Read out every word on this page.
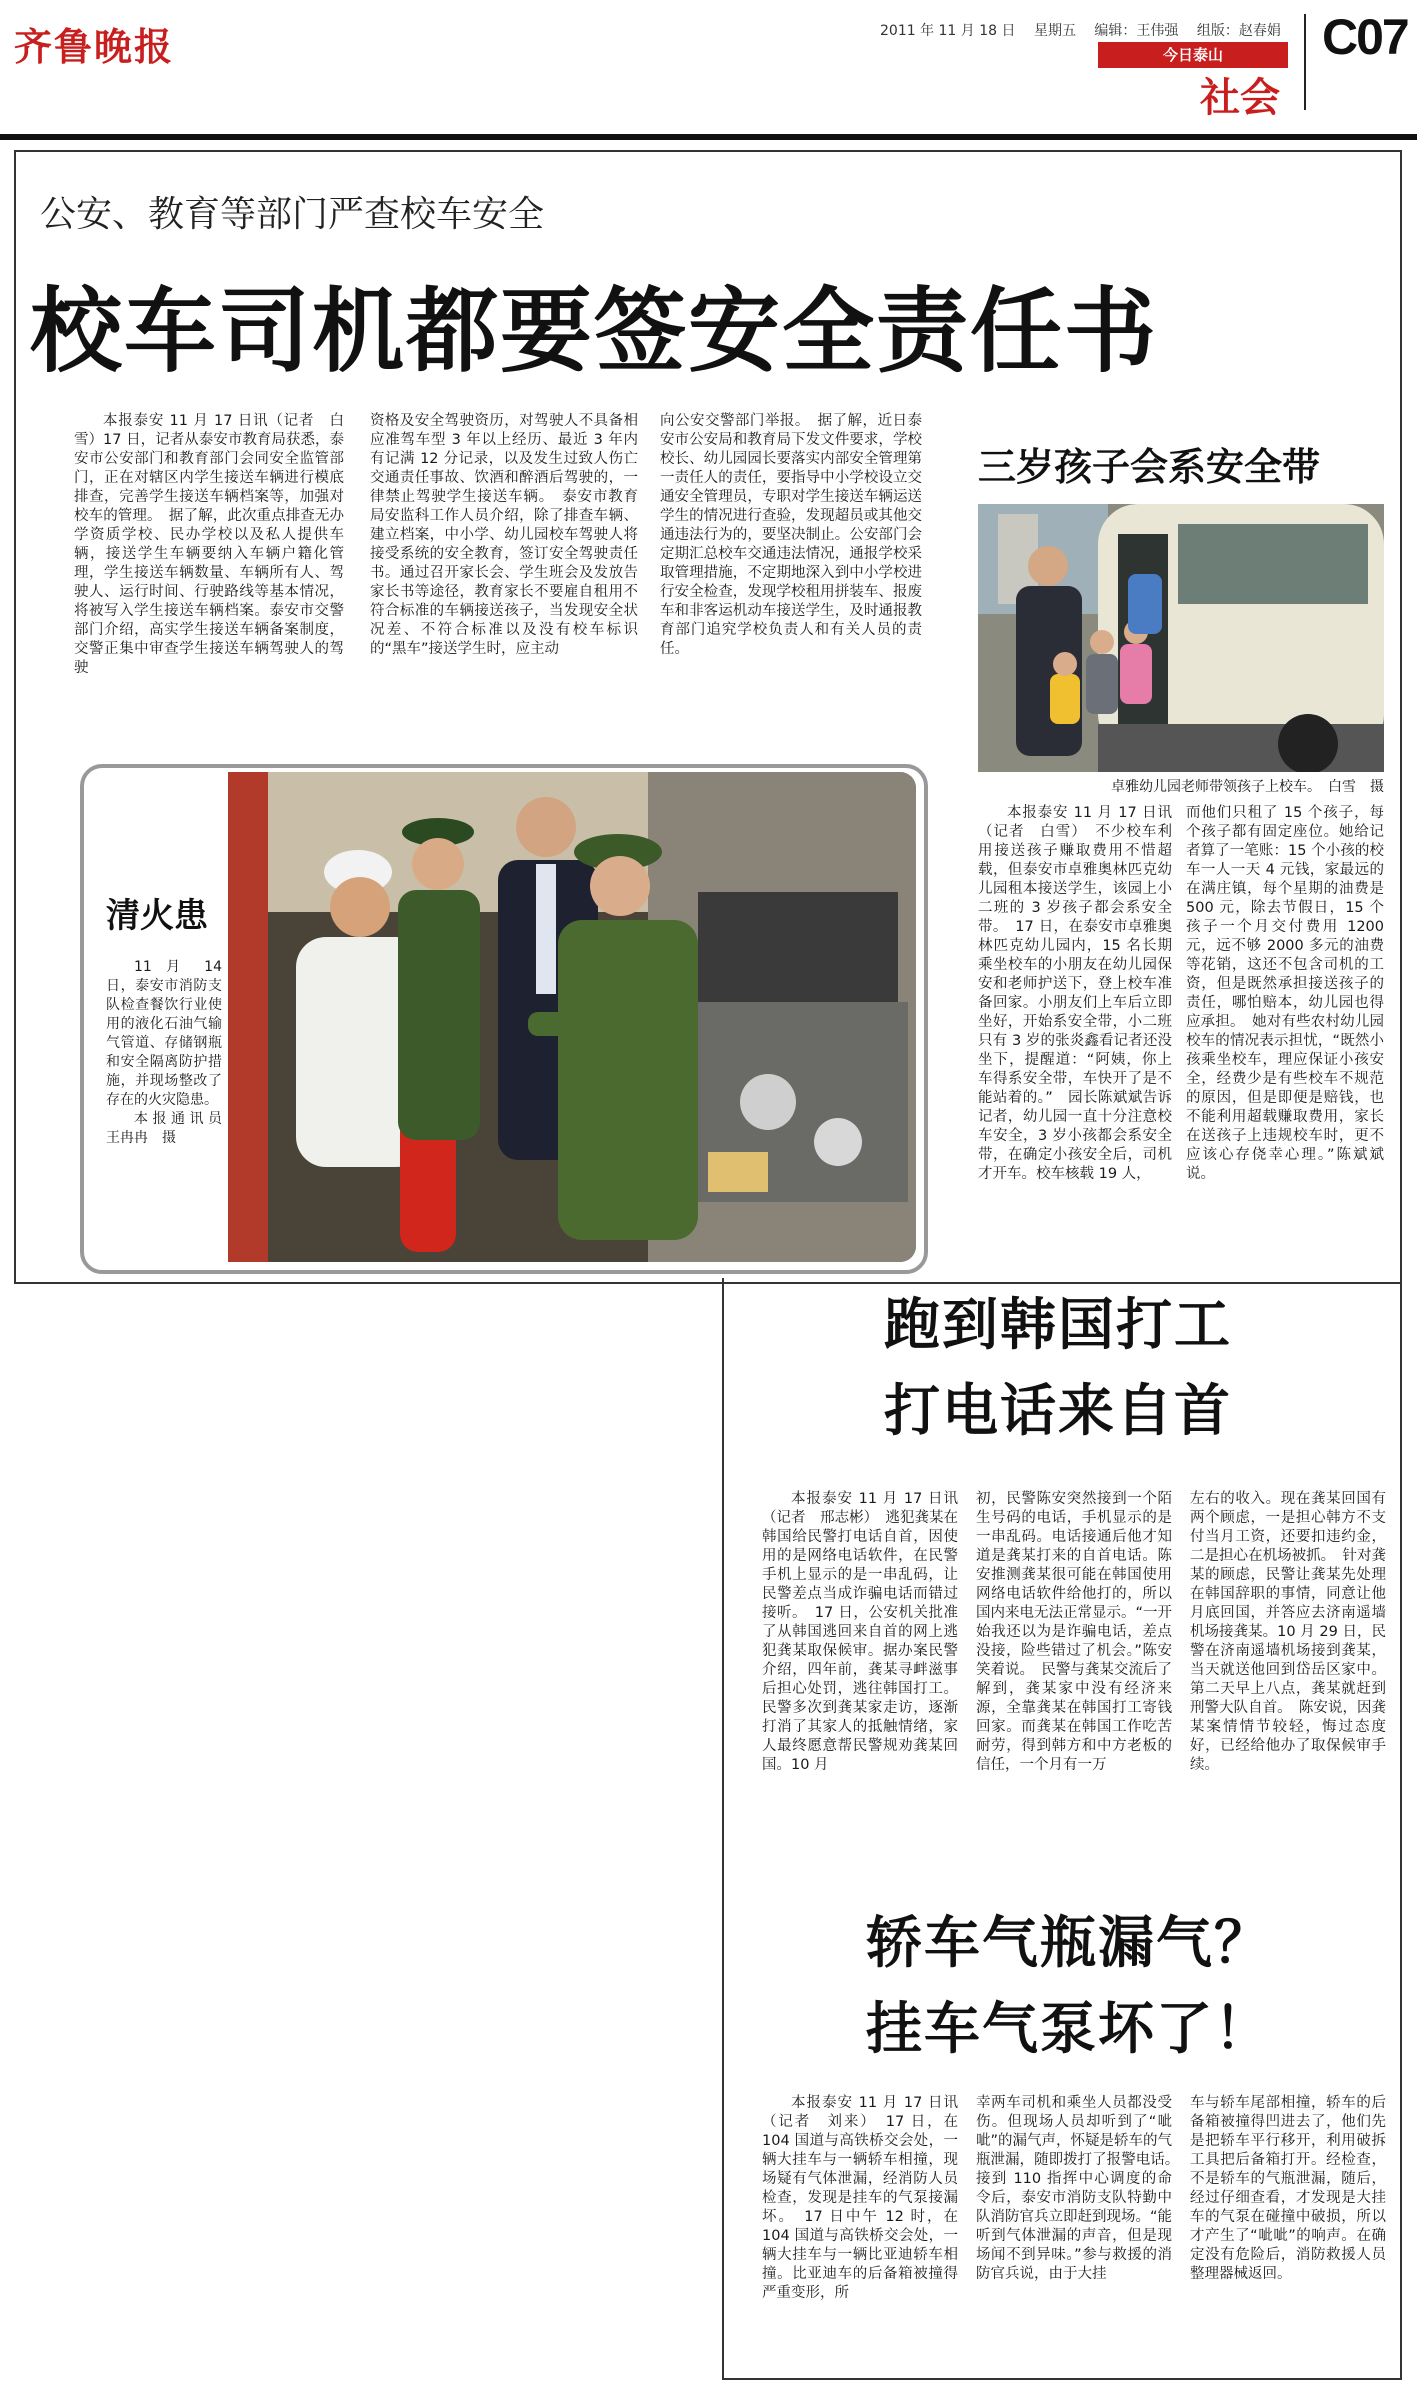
齐鲁晚报	2011 年 11 月 18 日 星期五 编辑：王伟强 组版：赵春娟
今日泰山
社会
C07
公安、教育等部门严查校车安全
校车司机都要签安全责任书

本报泰安 11 月 17 日讯（记者　白雪）17 日，记者从泰安市教育局获悉，泰安市公安部门和教育部门会同安全监管部门，正在对辖区内学生接送车辆进行模底排查，完善学生接送车辆档案等，加强对校车的管理。　据了解，此次重点排查无办学资质学校、民办学校以及私人提供车辆，接送学生车辆要纳入车辆户籍化管理，学生接送车辆数量、车辆所有人、驾驶人、运行时间、行驶路线等基本情况，将被写入学生接送车辆档案。泰安市交警部门介绍，高实学生接送车辆备案制度，交警正集中审查学生接送车辆驾驶人的驾驶

资格及安全驾驶资历，对驾驶人不具备相应准驾车型 3 年以上经历、最近 3 年内有记满 12 分记录，以及发生过致人伤亡交通责任事故、饮酒和醉酒后驾驶的，一律禁止驾驶学生接送车辆。　泰安市教育局安监科工作人员介绍，除了排查车辆、建立档案，中小学、幼儿园校车驾驶人将接受系统的安全教育，签订安全驾驶责任书。通过召开家长会、学生班会及发放告家长书等途径，教育家长不要雇自租用不符合标准的车辆接送孩子，当发现安全状况差、不符合标准以及没有校车标识的“黑车”接送学生时，应主动

向公安交警部门举报。　据了解，近日泰安市公安局和教育局下发文件要求，学校校长、幼儿园园长要落实内部安全管理第一责任人的责任，要指导中小学校设立交通安全管理员，专职对学生接送车辆运送学生的情况进行查验，发现超员或其他交通违法行为的，要坚决制止。公安部门会定期汇总校车交通违法情况，通报学校采取管理措施，不定期地深入到中小学校进行安全检查，发现学校租用拼装车、报废车和非客运机动车接送学生，及时通报教育部门追究学校负责人和有关人员的责任。

清火患

11 月 14 日，泰安市消防支队检查餐饮行业使用的液化石油气输气管道、存储钢瓶和安全隔离防护措施，并现场整改了存在的火灾隐患。

本报通讯员　王冉冉　摄

三岁孩子会系安全带
卓雅幼儿园老师带领孩子上校车。　白雪　摄

本报泰安 11 月 17 日讯（记者　白雪）　不少校车利用接送孩子赚取费用不惜超载，但泰安市卓雅奥林匹克幼儿园租本接送学生，该园上小二班的 3 岁孩子都会系安全带。　17 日，在泰安市卓雅奥林匹克幼儿园内，15 名长期乘坐校车的小朋友在幼儿园保安和老师护送下，登上校车准备回家。小朋友们上车后立即坐好，开始系安全带，小二班只有 3 岁的张炎鑫看记者还没坐下，提醒道：“阿姨，你上车得系安全带，车快开了是不能站着的。”　园长陈斌斌告诉记者，幼儿园一直十分注意校车安全，3 岁小孩都会系安全带，在确定小孩安全后，司机才开车。校车核载 19 人，

而他们只租了 15 个孩子，每个孩子都有固定座位。她给记者算了一笔账：15 个小孩的校车一人一天 4 元钱，家最远的在满庄镇，每个星期的油费是 500 元，除去节假日，15 个孩子一个月交付费用 1200 元，远不够 2000 多元的油费等花销，这还不包含司机的工资，但是既然承担接送孩子的责任，哪怕赔本，幼儿园也得应承担。　她对有些农村幼儿园校车的情况表示担忧，“既然小孩乘坐校车，理应保证小孩安全，经费少是有些校车不规范的原因，但是即便是赔钱，也不能利用超载赚取费用，家长在送孩子上违规校车时，更不应该心存侥幸心理。”陈斌斌说。

跑到韩国打工
打电话来自首

本报泰安 11 月 17 日讯（记者　邢志彬）　逃犯龚某在韩国给民警打电话自首，因使用的是网络电话软件，在民警手机上显示的是一串乱码，让民警差点当成诈骗电话而错过接听。　17 日，公安机关批准了从韩国逃回来自首的网上逃犯龚某取保候审。据办案民警介绍，四年前，龚某寻衅滋事后担心处罚，逃往韩国打工。民警多次到龚某家走访，逐渐打消了其家人的抵触情绪，家人最终愿意帮民警规劝龚某回国。10 月

初，民警陈安突然接到一个陌生号码的电话，手机显示的是一串乱码。电话接通后他才知道是龚某打来的自首电话。陈安推测龚某很可能在韩国使用网络电话软件给他打的，所以国内来电无法正常显示。“一开始我还以为是诈骗电话，差点没接，险些错过了机会。”陈安笑着说。　民警与龚某交流后了解到，龚某家中没有经济来源，全靠龚某在韩国打工寄钱回家。而龚某在韩国工作吃苦耐劳，得到韩方和中方老板的信任，一个月有一万

左右的收入。现在龚某回国有两个顾虑，一是担心韩方不支付当月工资，还要扣违约金，二是担心在机场被抓。　针对龚某的顾虑，民警让龚某先处理在韩国辞职的事情，同意让他月底回国，并答应去济南遥墙机场接龚某。10 月 29 日，民警在济南遥墙机场接到龚某，当天就送他回到岱岳区家中。第二天早上八点，龚某就赶到刑警大队自首。　陈安说，因龚某案情情节较轻，悔过态度好，已经给他办了取保候审手续。

轿车气瓶漏气？
挂车气泵坏了！

本报泰安 11 月 17 日讯（记者　刘来）　17 日，在 104 国道与高铁桥交会处，一辆大挂车与一辆轿车相撞，现场疑有气体泄漏，经消防人员检查，发现是挂车的气泵接漏坏。　17 日中午 12 时，在 104 国道与高铁桥交会处，一辆大挂车与一辆比亚迪轿车相撞。比亚迪车的后备箱被撞得严重变形，所

幸两车司机和乘坐人员都没受伤。但现场人员却听到了“呲呲”的漏气声，怀疑是轿车的气瓶泄漏，随即拨打了报警电话。　接到 110 指挥中心调度的命令后，泰安市消防支队特勤中队消防官兵立即赶到现场。“能听到气体泄漏的声音，但是现场闻不到异味。”参与救援的消防官兵说，由于大挂

车与轿车尾部相撞，轿车的后备箱被撞得凹进去了，他们先是把轿车平行移开，利用破拆工具把后备箱打开。经检查，不是轿车的气瓶泄漏，随后，经过仔细查看，才发现是大挂车的气泵在碰撞中破损，所以才产生了“呲呲”的响声。在确定没有危险后，消防救援人员整理器械返回。
